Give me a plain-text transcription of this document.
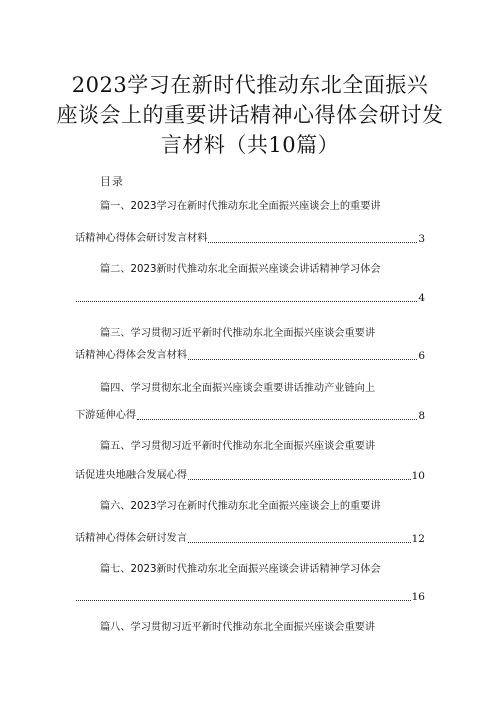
2023学习在新时代推动东北全面振兴
座谈会上的重要讲话精神心得体会研讨发
言材料（共10篇）
目录
篇一、2023学习在新时代推动东北全面振兴座谈会上的重要讲
话精神心得体会研讨发言材料	3
篇二、2023新时代推动东北全面振兴座谈会讲话精神学习体会
4
篇三、学习贯彻习近平新时代推动东北全面振兴座谈会重要讲
话精神心得体会发言材料	6
篇四、学习贯彻东北全面振兴座谈会重要讲话推动产业链向上
下游延伸心得	8
篇五、学习贯彻习近平新时代推动东北全面振兴座谈会重要讲
话促进央地融合发展心得	10
篇六、2023学习在新时代推动东北全面振兴座谈会上的重要讲
话精神心得体会研讨发言	12
篇七、2023新时代推动东北全面振兴座谈会讲话精神学习体会
16
篇八、学习贯彻习近平新时代推动东北全面振兴座谈会重要讲
